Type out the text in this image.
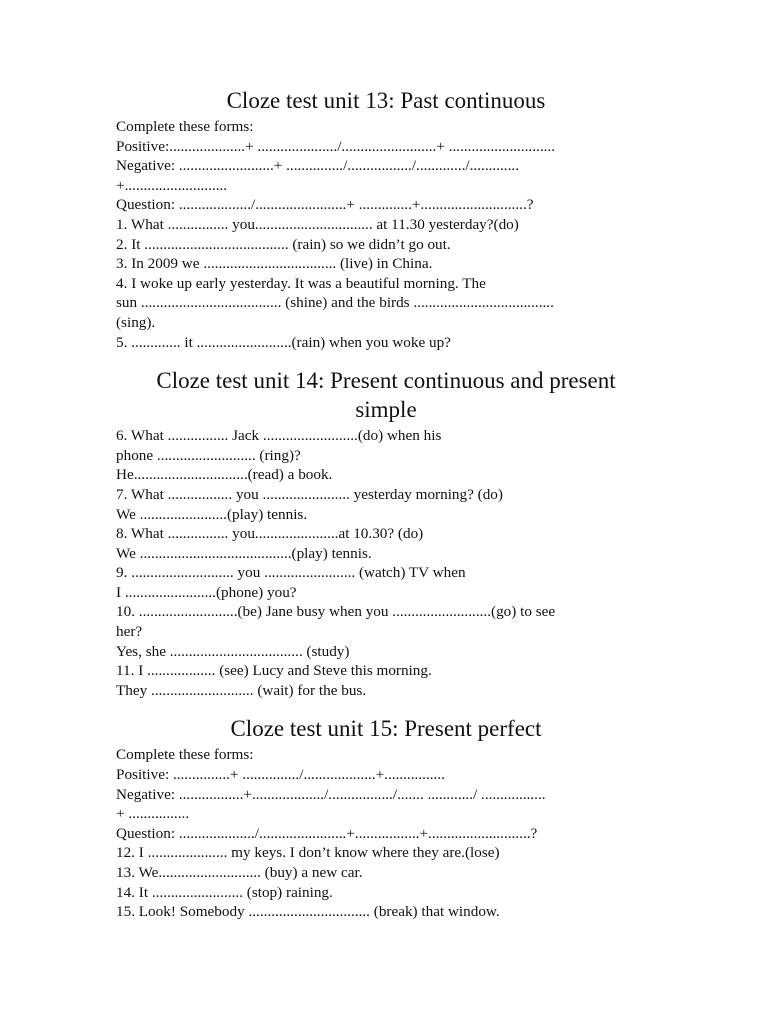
Cloze test unit 13: Past continuous
Complete these forms:
Positive:....................+ ...................../.........................+ ............................
Negative: .........................+ .............../................./............./.............
+...........................
Question: .................../........................+ ..............+............................?
1. What ................ you............................... at 11.30 yesterday?(do)
2. It ...................................... (rain) so we didn’t go out.
3. In 2009 we ................................... (live) in China.
4. I woke up early yesterday. It was a beautiful morning. The
sun ..................................... (shine) and the birds .....................................
(sing).
5. ............. it .........................(rain) when you woke up?
Cloze test unit 14: Present continuous and present
simple
6. What ................ Jack .........................(do) when his
phone .......................... (ring)?
He..............................(read) a book.
7. What ................. you ....................... yesterday morning? (do)
We .......................(play) tennis.
8. What ................ you......................at 10.30? (do)
We ........................................(play) tennis.
9. ........................... you ........................ (watch) TV when
I ........................(phone) you?
10. ..........................(be) Jane busy when you ..........................(go) to see
her?
Yes, she ................................... (study)
11. I .................. (see) Lucy and Steve this morning.
They ........................... (wait) for the bus.
Cloze test unit 15: Present perfect
Complete these forms:
Positive: ...............+ .............../...................+................
Negative: .................+.................../................./....... ............/ .................
+ ................
Question: ..................../.......................+.................+...........................?
12. I ..................... my keys. I don’t know where they are.(lose)
13. We........................... (buy) a new car.
14. It ........................ (stop) raining.
15. Look! Somebody ................................ (break) that window.
